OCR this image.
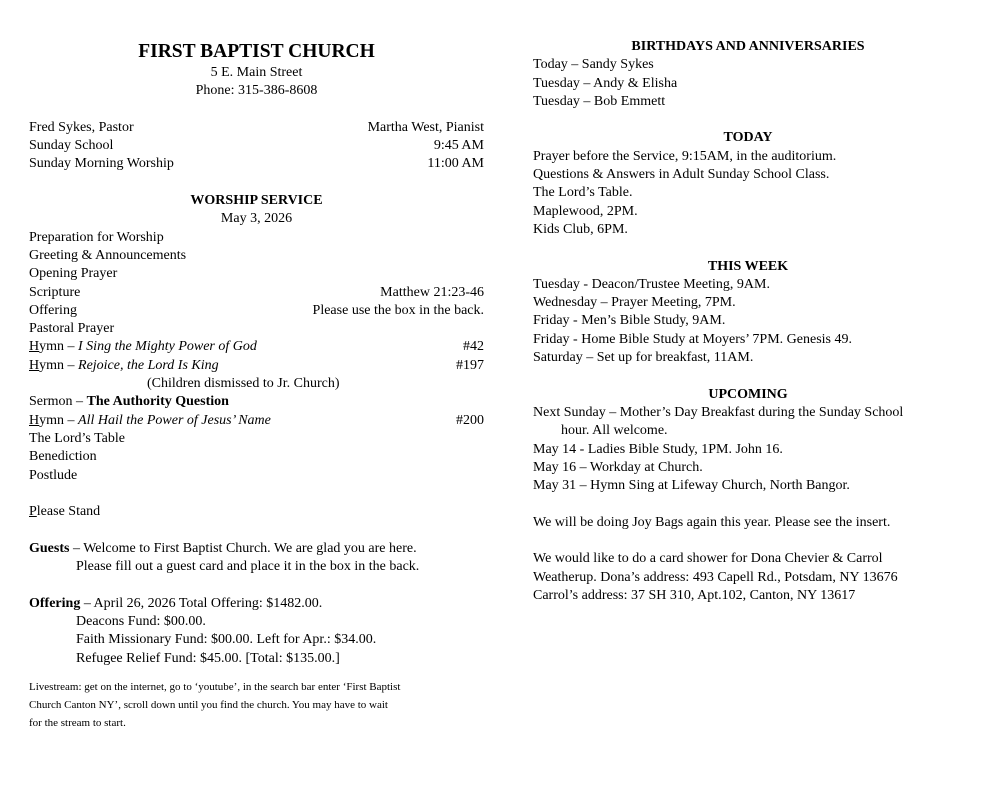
FIRST BAPTIST CHURCH
5 E. Main Street
Phone: 315-386-8608
Fred Sykes, Pastor	Martha West, Pianist
Sunday School	9:45 AM
Sunday Morning Worship	11:00 AM
WORSHIP SERVICE
May 3, 2026
Preparation for Worship
Greeting & Announcements
Opening Prayer
Scripture	Matthew 21:23-46
Offering	Please use the box in the back.
Pastoral Prayer
Hymn – I Sing the Mighty Power of God	#42
Hymn – Rejoice, the Lord Is King	#197
(Children dismissed to Jr. Church)
Sermon – The Authority Question
Hymn – All Hail the Power of Jesus’ Name	#200
The Lord’s Table
Benediction
Postlude
Please Stand
Guests – Welcome to First Baptist Church. We are glad you are here.
Please fill out a guest card and place it in the box in the back.
Offering – April 26, 2026 Total Offering: $1482.00.
Deacons Fund: $00.00.
Faith Missionary Fund: $00.00. Left for Apr.: $34.00.
Refugee Relief Fund: $45.00. [Total: $135.00.]
Livestream: get on the internet, go to ‘youtube’, in the search bar enter ‘First Baptist
Church Canton NY’, scroll down until you find the church. You may have to wait
for the stream to start.
BIRTHDAYS AND ANNIVERSARIES
Today – Sandy Sykes
Tuesday – Andy & Elisha
Tuesday – Bob Emmett
TODAY
Prayer before the Service, 9:15AM, in the auditorium.
Questions & Answers in Adult Sunday School Class.
The Lord’s Table.
Maplewood, 2PM.
Kids Club, 6PM.
THIS WEEK
Tuesday - Deacon/Trustee Meeting, 9AM.
Wednesday – Prayer Meeting, 7PM.
Friday - Men’s Bible Study, 9AM.
Friday - Home Bible Study at Moyers’ 7PM. Genesis 49.
Saturday – Set up for breakfast, 11AM.
UPCOMING
Next Sunday – Mother’s Day Breakfast during the Sunday School
hour. All welcome.
May 14 - Ladies Bible Study, 1PM. John 16.
May 16 – Workday at Church.
May 31 – Hymn Sing at Lifeway Church, North Bangor.
We will be doing Joy Bags again this year. Please see the insert.
We would like to do a card shower for Dona Chevier & Carrol
Weatherup. Dona’s address: 493 Capell Rd., Potsdam, NY 13676
Carrol’s address: 37 SH 310, Apt.102, Canton, NY 13617
